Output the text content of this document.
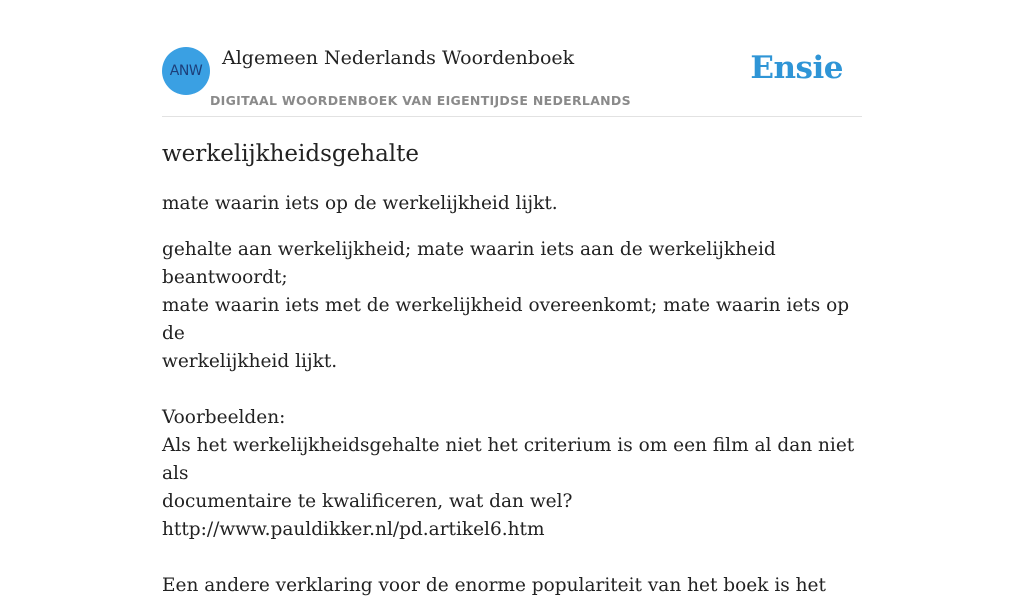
ANW
Algemeen Nederlands Woordenboek
DIGITAAL WOORDENBOEK VAN EIGENTIJDSE NEDERLANDS
Ensie
werkelijkheidsgehalte

mate waarin iets op de werkelijkheid lijkt.

gehalte aan werkelijkheid; mate waarin iets aan de werkelijkheid beantwoordt;
mate waarin iets met de werkelijkheid overeenkomt; mate waarin iets op de
werkelijkheid lijkt.
Voorbeelden:
Als het werkelijkheidsgehalte niet het criterium is om een film al dan niet als
documentaire te kwalificeren, wat dan wel?
http://www.pauldikker.nl/pd.artikel6.htm
Een andere verklaring voor de enorme populariteit van het boek is het
